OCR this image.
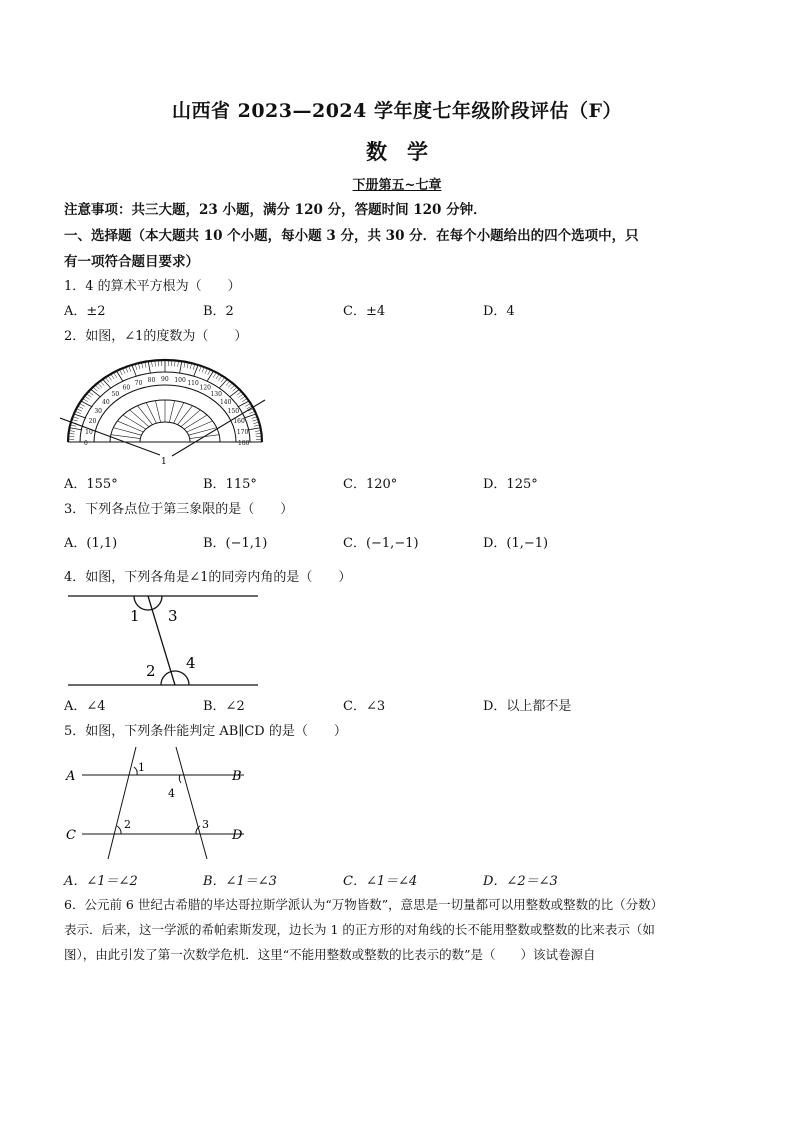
山西省 2023—2024 学年度七年级阶段评估（F）
数学
下册第五~七章
注意事项：共三大题，23 小题，满分 120 分，答题时间 120 分钟．
一、选择题（本大题共 10 个小题，每小题 3 分，共 30 分．在每个小题给出的四个选项中，只
有一项符合题目要求）
1．4 的算术平方根为（　　）
A．±2	B．2	C．±4	D．4
2．如图，∠1的度数为（　　）
1
0
10
20
30
40
50
60
70 80 90 100 110
120
130
140
150
160
170
180
A．155°	B．115°	C．120°	D．125°
3．下列各点位于第三象限的是（　　）
A．(1,1)	B．(−1,1)	C．(−1,−1)	D．(1,−1)
4．如图，下列各角是∠1的同旁内角的是（　　）
1 3
2 4
A．∠4	B．∠2	C．∠3	D．以上都不是
5．如图，下列条件能判定 AB∥CD 的是（　　）
A	B
C	D
1
4
2	3
A．∠1＝∠2	B．∠1＝∠3	C．∠1＝∠4	D．∠2＝∠3
6．公元前 6 世纪古希腊的毕达哥拉斯学派认为“万物皆数”，意思是一切量都可以用整数或整数的比（分数）
表示．后来，这一学派的希帕索斯发现，边长为 1 的正方形的对角线的长不能用整数或整数的比来表示（如
图），由此引发了第一次数学危机．这里“不能用整数或整数的比表示的数”是（　　）该试卷源自
